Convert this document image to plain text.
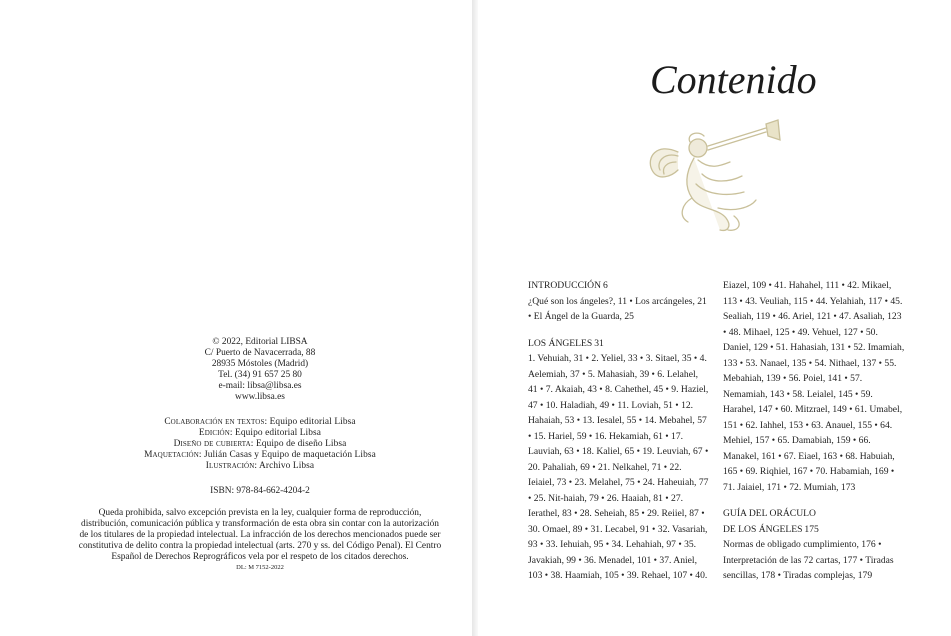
© 2022, Editorial LIBSA
C/ Puerto de Navacerrada, 88
28935 Móstoles (Madrid)
Tel. (34) 91 657 25 80
e-mail: libsa@libsa.es
www.libsa.es
Colaboración en textos: Equipo editorial Libsa
Edición: Equipo editorial Libsa
Diseño de cubierta: Equipo de diseño Libsa
Maquetación: Julián Casas y Equipo de maquetación Libsa
Ilustración: Archivo Libsa
ISBN: 978-84-662-4204-2
Queda prohibida, salvo excepción prevista en la ley, cualquier forma de reproducción,
distribución, comunicación pública y transformación de esta obra sin contar con la autorización
de los titulares de la propiedad intelectual. La infracción de los derechos mencionados puede ser
constitutiva de delito contra la propiedad intelectual (arts. 270 y ss. del Código Penal). El Centro
Español de Derechos Reprográficos vela por el respeto de los citados derechos.
DL: M 7152-2022
Contenido
INTRODUCCIÓN 6
¿Qué son los ángeles?, 11 • Los arcángeles, 21
• El Ángel de la Guarda, 25
LOS ÁNGELES 31
1. Vehuiah, 31 • 2. Yeliel, 33 • 3. Sitael, 35 • 4.
Aelemiah, 37 • 5. Mahasiah, 39 • 6. Lelahel,
41 • 7. Akaiah, 43 • 8. Cahethel, 45 • 9. Haziel,
47 • 10. Haladiah, 49 • 11. Loviah, 51 • 12.
Hahaiah, 53 • 13. Iesalel, 55 • 14. Mebahel, 57
• 15. Hariel, 59 • 16. Hekamiah, 61 • 17.
Lauviah, 63 • 18. Kaliel, 65 • 19. Leuviah, 67 •
20. Pahaliah, 69 • 21. Nelkahel, 71 • 22.
Ieiaiel, 73 • 23. Melahel, 75 • 24. Haheuiah, 77
• 25. Nit-haiah, 79 • 26. Haaiah, 81 • 27.
Ierathel, 83 • 28. Seheiah, 85 • 29. Reiiel, 87 •
30. Omael, 89 • 31. Lecabel, 91 • 32. Vasariah,
93 • 33. Iehuiah, 95 • 34. Lehahiah, 97 • 35.
Javakiah, 99 • 36. Menadel, 101 • 37. Aniel,
103 • 38. Haamiah, 105 • 39. Rehael, 107 • 40.
Eiazel, 109 • 41. Hahahel, 111 • 42. Mikael,
113 • 43. Veuliah, 115 • 44. Yelahiah, 117 • 45.
Sealiah, 119 • 46. Ariel, 121 • 47. Asaliah, 123
• 48. Mihael, 125 • 49. Vehuel, 127 • 50.
Daniel, 129 • 51. Hahasiah, 131 • 52. Imamiah,
133 • 53. Nanael, 135 • 54. Nithael, 137 • 55.
Mebahiah, 139 • 56. Poiel, 141 • 57.
Nemamiah, 143 • 58. Leialel, 145 • 59.
Harahel, 147 • 60. Mitzrael, 149 • 61. Umabel,
151 • 62. Iahhel, 153 • 63. Anauel, 155 • 64.
Mehiel, 157 • 65. Damabiah, 159 • 66.
Manakel, 161 • 67. Eiael, 163 • 68. Habuiah,
165 • 69. Riqhiel, 167 • 70. Habamiah, 169 •
71. Jaiaiel, 171 • 72. Mumiah, 173
GUÍA DEL ORÁCULO
DE LOS ÁNGELES 175
Normas de obligado cumplimiento, 176 •
Interpretación de las 72 cartas, 177 • Tiradas
sencillas, 178 • Tiradas complejas, 179
